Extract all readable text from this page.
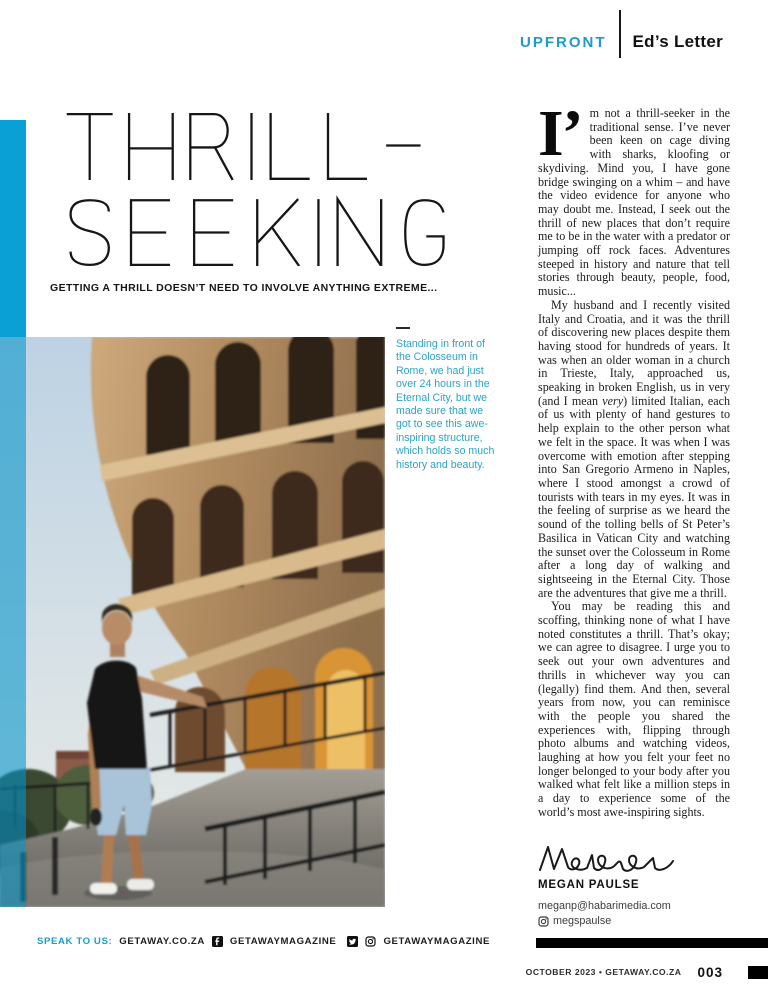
UPFRONT Ed’s Letter
GETTING A THRILL DOESN’T NEED TO INVOLVE ANYTHING EXTREME...
Standing in front of the Colosseum in Rome, we had just over 24 hours in the Eternal City, but we made sure that we got to see this awe-inspiring structure, which holds so much history and beauty.

I’ m not a thrill-seeker in the traditional sense. I’ve never been keen on cage diving with sharks, kloofing or skydiving. Mind you, I have gone bridge swinging on a whim – and have the video evidence for anyone who may doubt me. Instead, I seek out the thrill of new places that don’t require me to be in the water with a predator or jumping off rock faces. Adventures steeped in history and nature that tell stories through beauty, people, food, music...

My husband and I recently visited Italy and Croatia, and it was the thrill of discovering new places despite them having stood for hundreds of years. It was when an older woman in a church in Trieste, Italy, approached us, speaking in broken English, us in very (and I mean very) limited Italian, each of us with plenty of hand gestures to help explain to the other person what we felt in the space. It was when I was overcome with emotion after stepping into San Gregorio Armeno in Naples, where I stood amongst a crowd of tourists with tears in my eyes. It was in the feeling of surprise as we heard the sound of the tolling bells of St Peter’s Basilica in Vatican City and watching the sunset over the Colosseum in Rome after a long day of walking and sightseeing in the Eternal City. Those are the adventures that give me a thrill.

You may be reading this and scoffing, thinking none of what I have noted constitutes a thrill. That’s okay; we can agree to disagree. I urge you to seek out your own adventures and thrills in whichever way you can (legally) find them. And then, several years from now, you can reminisce with the people you shared the experiences with, flipping through photo albums and watching videos, laughing at how you felt your feet no longer belonged to your body after you walked what felt like a million steps in a day to experience some of the world’s most awe-inspiring sights.

MEGAN PAULSE
meganp@habarimedia.com
megspaulse
OCTOBER 2023 • GETAWAY.CO.ZA 003
SPEAK TO US: GETAWAY.CO.ZA	GETAWAYMAGAZINE	GETAWAYMAGAZINE
